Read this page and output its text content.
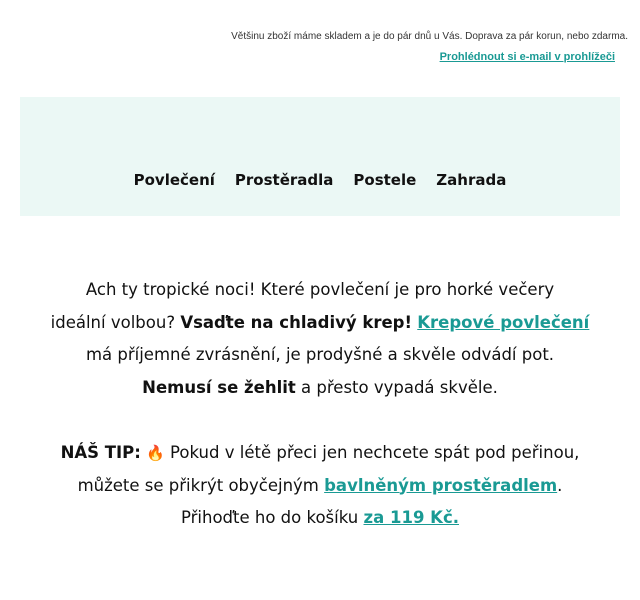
Většinu zboží máme skladem a je do pár dnů u Vás. Doprava za pár korun, nebo zdarma.
Prohlédnout si e-mail v prohlížeči
Povlečení Prostěradla Postele Zahrada

Ach ty tropické noci! Které povlečení je pro horké večery
ideální volbou? Vsaďte na chladivý krep! Krepové povlečení
má příjemné zvrásnění, je prodyšné a skvěle odvádí pot.
Nemusí se žehlit a přesto vypadá skvěle.

NÁŠ TIP: 🔥 Pokud v létě přeci jen nechcete spát pod peřinou,
můžete se přikrýt obyčejným bavlněným prostěradlem.
Přihoďte ho do košíku za 119 Kč.
